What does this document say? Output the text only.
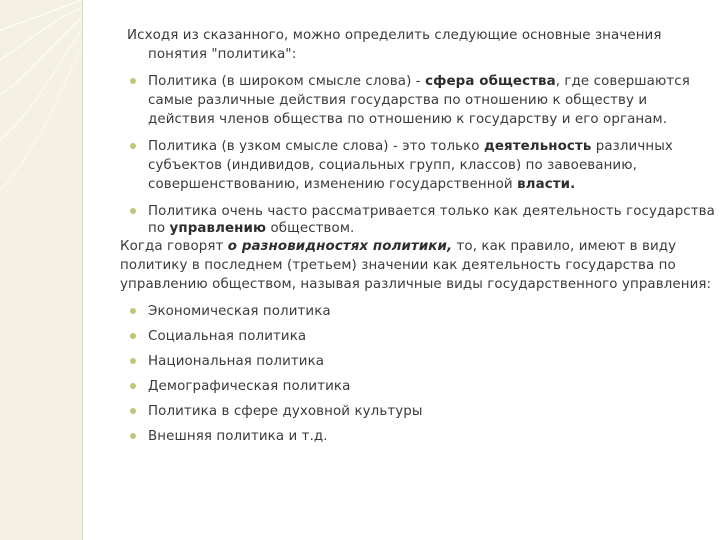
Исходя из сказанного, можно определить следующие основные значения
понятия "политика":
Политика (в широком смысле слова) - сфера общества, где совершаются
самые различные действия государства по отношению к обществу и
действия членов общества по отношению к государству и его органам.
Политика (в узком смысле слова) - это только деятельность различных
субъектов (индивидов, социальных групп, классов) по завоеванию,
совершенствованию, изменению государственной власти.
Политика очень часто рассматривается только как деятельность государства
по управлению обществом.
Когда говорят о разновидностях политики, то, как правило, имеют в виду
политику в последнем (третьем) значении как деятельность государства по
управлению обществом, называя различные виды государственного управления:
Экономическая политика
Социальная политика
Национальная политика
Демографическая политика
Политика в сфере духовной культуры
Внешняя политика и т.д.
